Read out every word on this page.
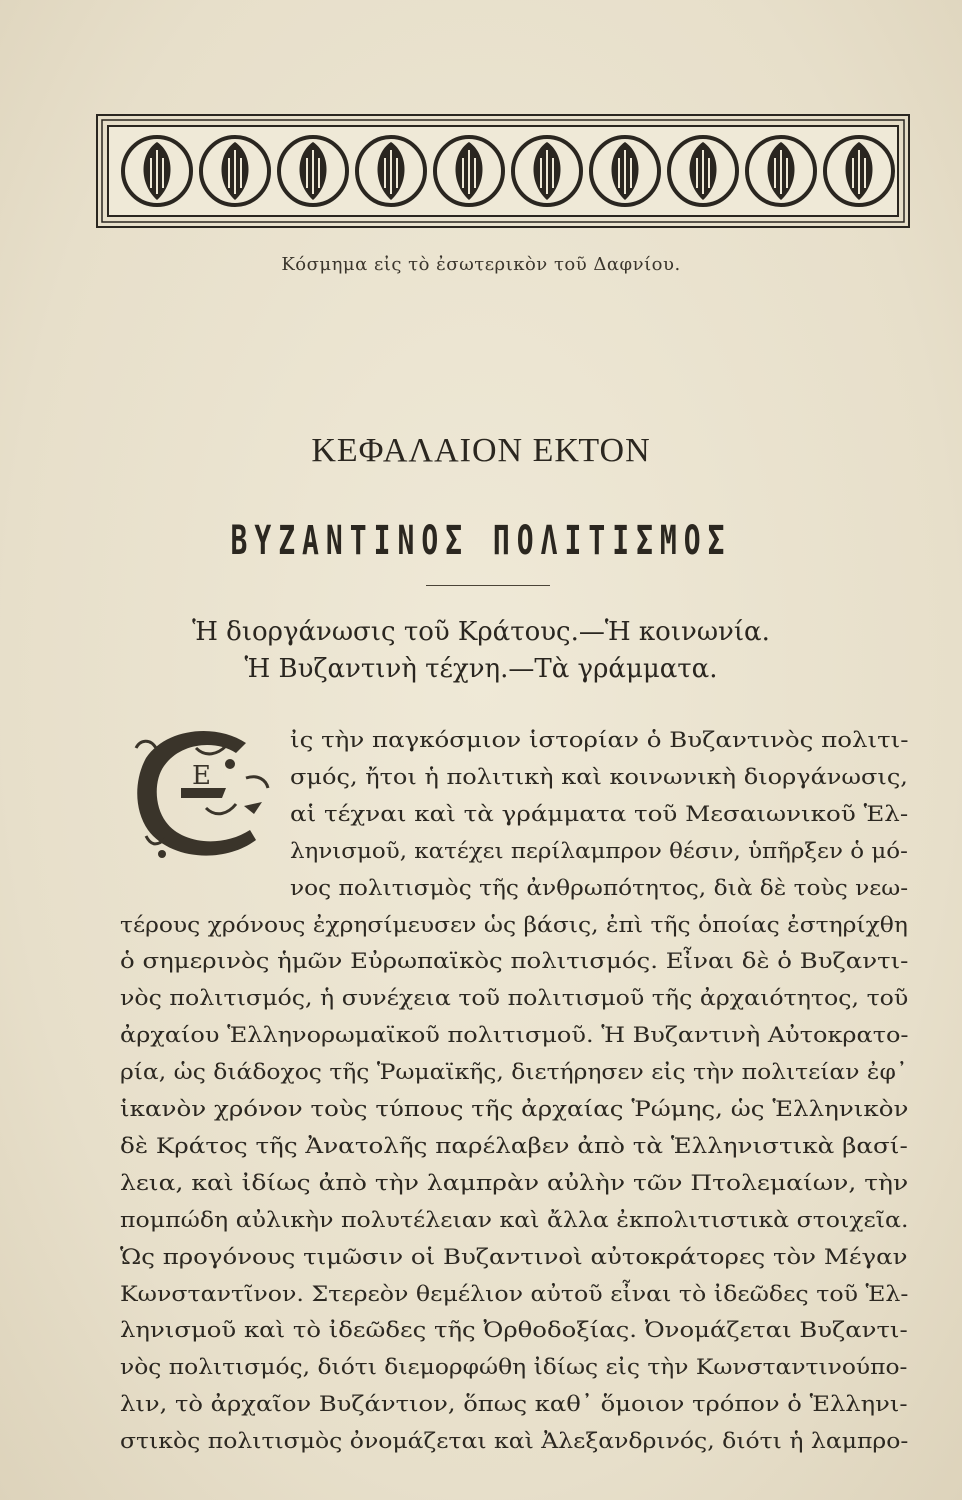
Κόσμημα εἰς τὸ ἐσωτερικὸν τοῦ Δαφνίου.
ΚΕΦΑΛΑΙΟΝ ΕΚΤΟΝ
ΒΥΖΑΝΤΙΝΟΣ ΠΟΛΙΤΙΣΜΟΣ
Ἡ διοργάνωσις τοῦ Κράτους.—Ἡ κοινωνία.
Ἡ Βυζαντινὴ τέχνη.—Τὰ γράμματα.
Ε
ἰς τὴν παγκόσμιον ἱστορίαν ὁ Βυζαντινὸς πολιτι-
σμός, ἤτοι ἡ πολιτικὴ καὶ κοινωνικὴ διοργάνωσις,
αἱ τέχναι καὶ τὰ γράμματα τοῦ Μεσαιωνικοῦ Ἑλ-
ληνισμοῦ, κατέχει περίλαμπρον θέσιν, ὑπῆρξεν ὁ μό-
νος πολιτισμὸς τῆς ἀνθρωπότητος, διὰ δὲ τοὺς νεω-
τέρους χρόνους ἐχρησίμευσεν ὡς βάσις, ἐπὶ τῆς ὁποίας ἐστηρίχθη
ὁ σημερινὸς ἡμῶν Εὐρωπαϊκὸς πολιτισμός. Εἶναι δὲ ὁ Βυζαντι-
νὸς πολιτισμός, ἡ συνέχεια τοῦ πολιτισμοῦ τῆς ἀρχαιότητος, τοῦ
ἀρχαίου Ἑλληνορωμαϊκοῦ πολιτισμοῦ. Ἡ Βυζαντινὴ Αὐτοκρατο-
ρία, ὡς διάδοχος τῆς Ῥωμαϊκῆς, διετήρησεν εἰς τὴν πολιτείαν ἐφ᾽
ἱκανὸν χρόνον τοὺς τύπους τῆς ἀρχαίας Ῥώμης, ὡς Ἑλληνικὸν
δὲ Κράτος τῆς Ἀνατολῆς παρέλαβεν ἀπὸ τὰ Ἑλληνιστικὰ βασί-
λεια, καὶ ἰδίως ἀπὸ τὴν λαμπρὰν αὐλὴν τῶν Πτολεμαίων, τὴν
πομπώδη αὐλικὴν πολυτέλειαν καὶ ἄλλα ἐκπολιτιστικὰ στοιχεῖα.
Ὡς προγόνους τιμῶσιν οἱ Βυζαντινοὶ αὐτοκράτορες τὸν Μέγαν
Κωνσταντῖνον. Στερεὸν θεμέλιον αὐτοῦ εἶναι τὸ ἰδεῶδες τοῦ Ἑλ-
ληνισμοῦ καὶ τὸ ἰδεῶδες τῆς Ὀρθοδοξίας. Ὀνομάζεται Βυζαντι-
νὸς πολιτισμός, διότι διεμορφώθη ἰδίως εἰς τὴν Κωνσταντινούπο-
λιν, τὸ ἀρχαῖον Βυζάντιον, ὅπως καθ᾽ ὅμοιον τρόπον ὁ Ἑλληνι-
στικὸς πολιτισμὸς ὀνομάζεται καὶ Ἀλεξανδρινός, διότι ἡ λαμπρο-
